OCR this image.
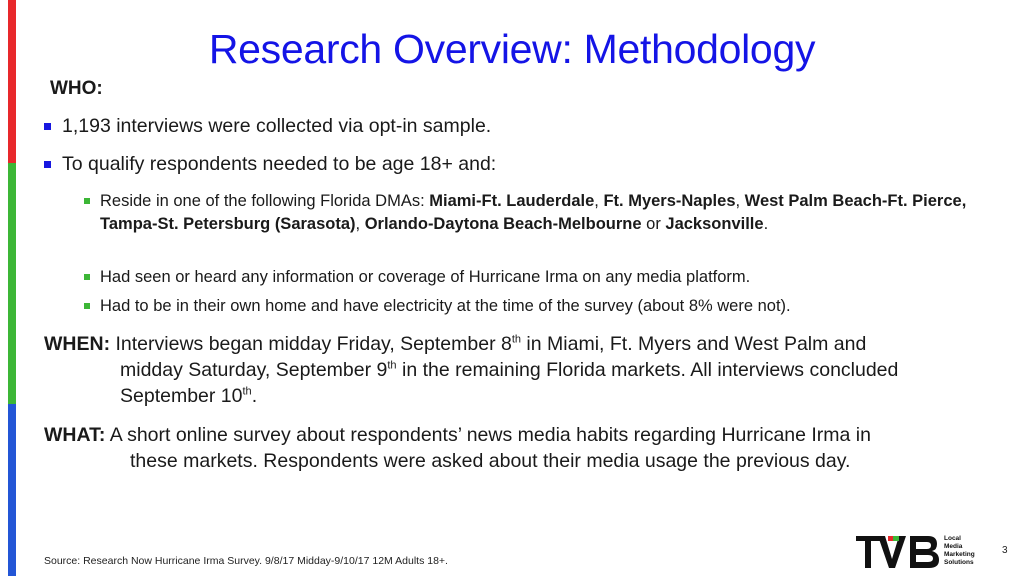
Research Overview: Methodology
WHO:
1,193 interviews were collected via opt-in sample.
To qualify respondents needed to be age 18+ and:
Reside in one of the following Florida DMAs: Miami-Ft. Lauderdale, Ft. Myers-Naples, West Palm Beach-Ft. Pierce, Tampa-St. Petersburg (Sarasota), Orlando-Daytona Beach-Melbourne or Jacksonville.
Had seen or heard any information or coverage of Hurricane Irma on any media platform.
Had to be in their own home and have electricity at the time of the survey (about 8% were not).
WHEN: Interviews began midday Friday, September 8th in Miami, Ft. Myers and West Palm and
midday Saturday, September 9th in the remaining Florida markets. All interviews concluded
September 10th.
WHAT: A short online survey about respondents’ news media habits regarding Hurricane Irma in
these markets. Respondents were asked about their media usage the previous day.
Source: Research Now Hurricane Irma Survey. 9/8/17 Midday-9/10/17 12M Adults 18+.
3
Local
Media
Marketing
Solutions
